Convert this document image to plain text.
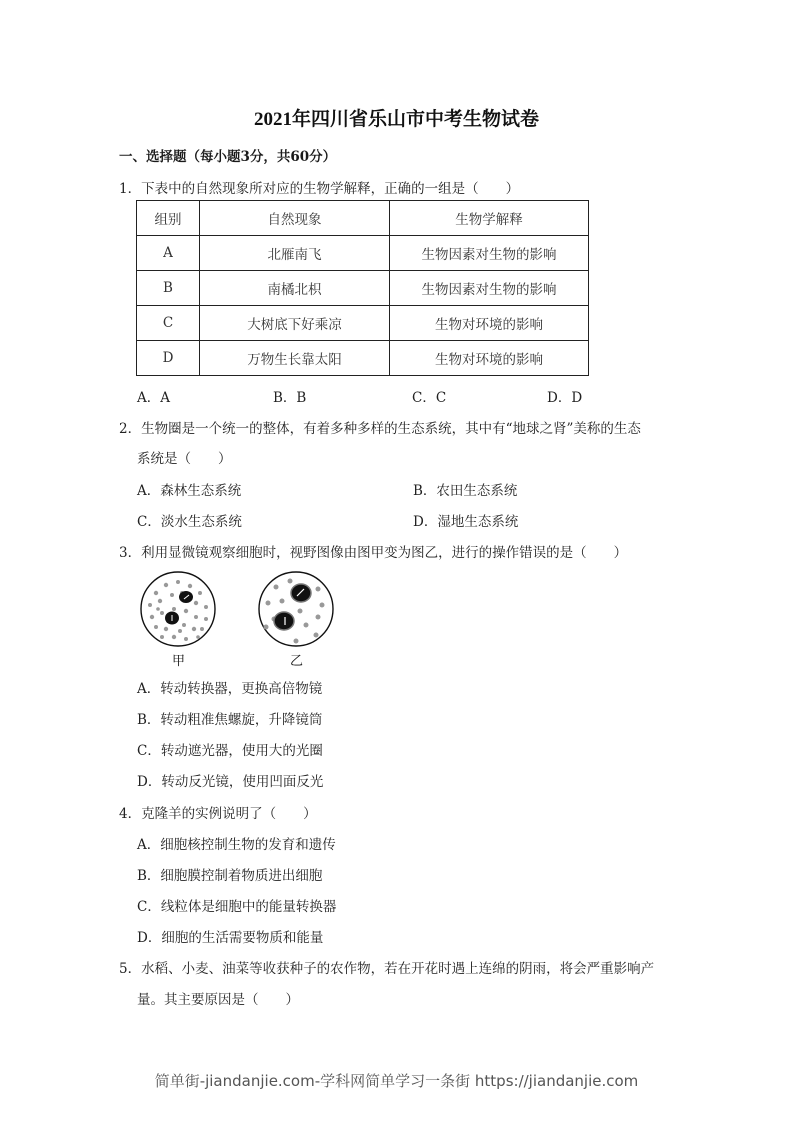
2021年四川省乐山市中考生物试卷
一、选择题（每小题3分，共60分）
1．下表中的自然现象所对应的生物学解释，正确的一组是（　　）
组别	自然现象	生物学解释
A	北雁南飞	生物因素对生物的影响
B	南橘北枳	生物因素对生物的影响
C	大树底下好乘凉	生物对环境的影响
D	万物生长靠太阳	生物对环境的影响
A．A	B．B	C．C	D．D
2．生物圈是一个统一的整体，有着多种多样的生态系统，其中有“地球之肾”美称的生态
系统是（　　）
A．森林生态系统	B．农田生态系统
C．淡水生态系统	D．湿地生态系统
3．利用显微镜观察细胞时，视野图像由图甲变为图乙，进行的操作错误的是（　　）
甲	乙
A．转动转换器，更换高倍物镜
B．转动粗准焦螺旋，升降镜筒
C．转动遮光器，使用大的光圈
D．转动反光镜，使用凹面反光
4．克隆羊的实例说明了（　　）
A．细胞核控制生物的发育和遗传
B．细胞膜控制着物质进出细胞
C．线粒体是细胞中的能量转换器
D．细胞的生活需要物质和能量
5．水稻、小麦、油菜等收获种子的农作物，若在开花时遇上连绵的阴雨，将会严重影响产
量。其主要原因是（　　）
简单街-jiandanjie.com-学科网简单学习一条街 https://jiandanjie.com
